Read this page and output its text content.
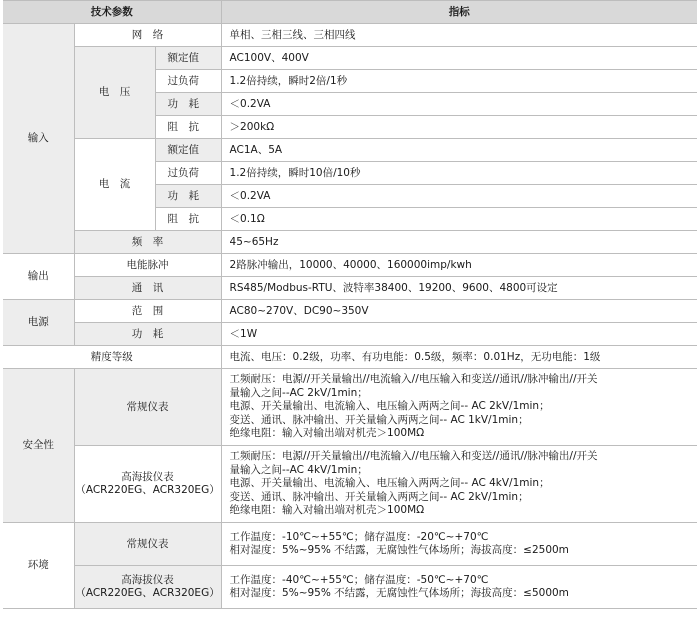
技术参数			指标
输入	网　络		单相、三相三线、三相四线
	电　压	额定值	AC100V、400V
		过负荷	1.2倍持续，瞬时2倍/1秒
		功　耗	＜0.2VA
		阻　抗	＞200kΩ
	电　流	额定值	AC1A、5A
		过负荷	1.2倍持续，瞬时10倍/10秒
		功　耗	＜0.2VA
		阻　抗	＜0.1Ω
	频　率		45~65Hz
输出	电能脉冲		2路脉冲输出，10000、40000、160000imp/kwh
	通　讯		RS485/Modbus-RTU、波特率38400、19200、9600、4800可设定
电源	范　围		AC80~270V、DC90~350V
	功　耗		＜1W
精度等级			电流、电压：0.2级，功率、有功电能：0.5级，频率：0.01Hz，无功电能：1级
安全性	常规仪表		工频耐压：电源//开关量输出//电流输入//电压输入和变送//通讯//脉冲输出//开关
量输入之间--AC 2kV/1min；
电源、开关量输出、电流输入、电压输入两两之间-- AC 2kV/1min；
变送、通讯、脉冲输出、开关量输入两两之间-- AC 1kV/1min；
绝缘电阻：输入对输出端对机壳＞100MΩ

	高海拔仪表
（ACR220EG、ACR320EG）		工频耐压：电源//开关量输出//电流输入//电压输入和变送//通讯//脉冲输出//开关
量输入之间--AC 4kV/1min；
电源、开关量输出、电流输入、电压输入两两之间-- AC 4kV/1min；
变送、通讯、脉冲输出、开关量输入两两之间-- AC 2kV/1min；
绝缘电阻：输入对输出端对机壳＞100MΩ

环境	常规仪表		工作温度：-10℃~+55℃；储存温度：-20℃~+70℃
相对湿度：5%~95% 不结露，无腐蚀性气体场所；海拔高度：≤2500m

	高海拔仪表
（ACR220EG、ACR320EG）		工作温度：-40℃~+55℃；储存温度：-50℃~+70℃
相对湿度：5%~95% 不结露，无腐蚀性气体场所；海拔高度：≤5000m
